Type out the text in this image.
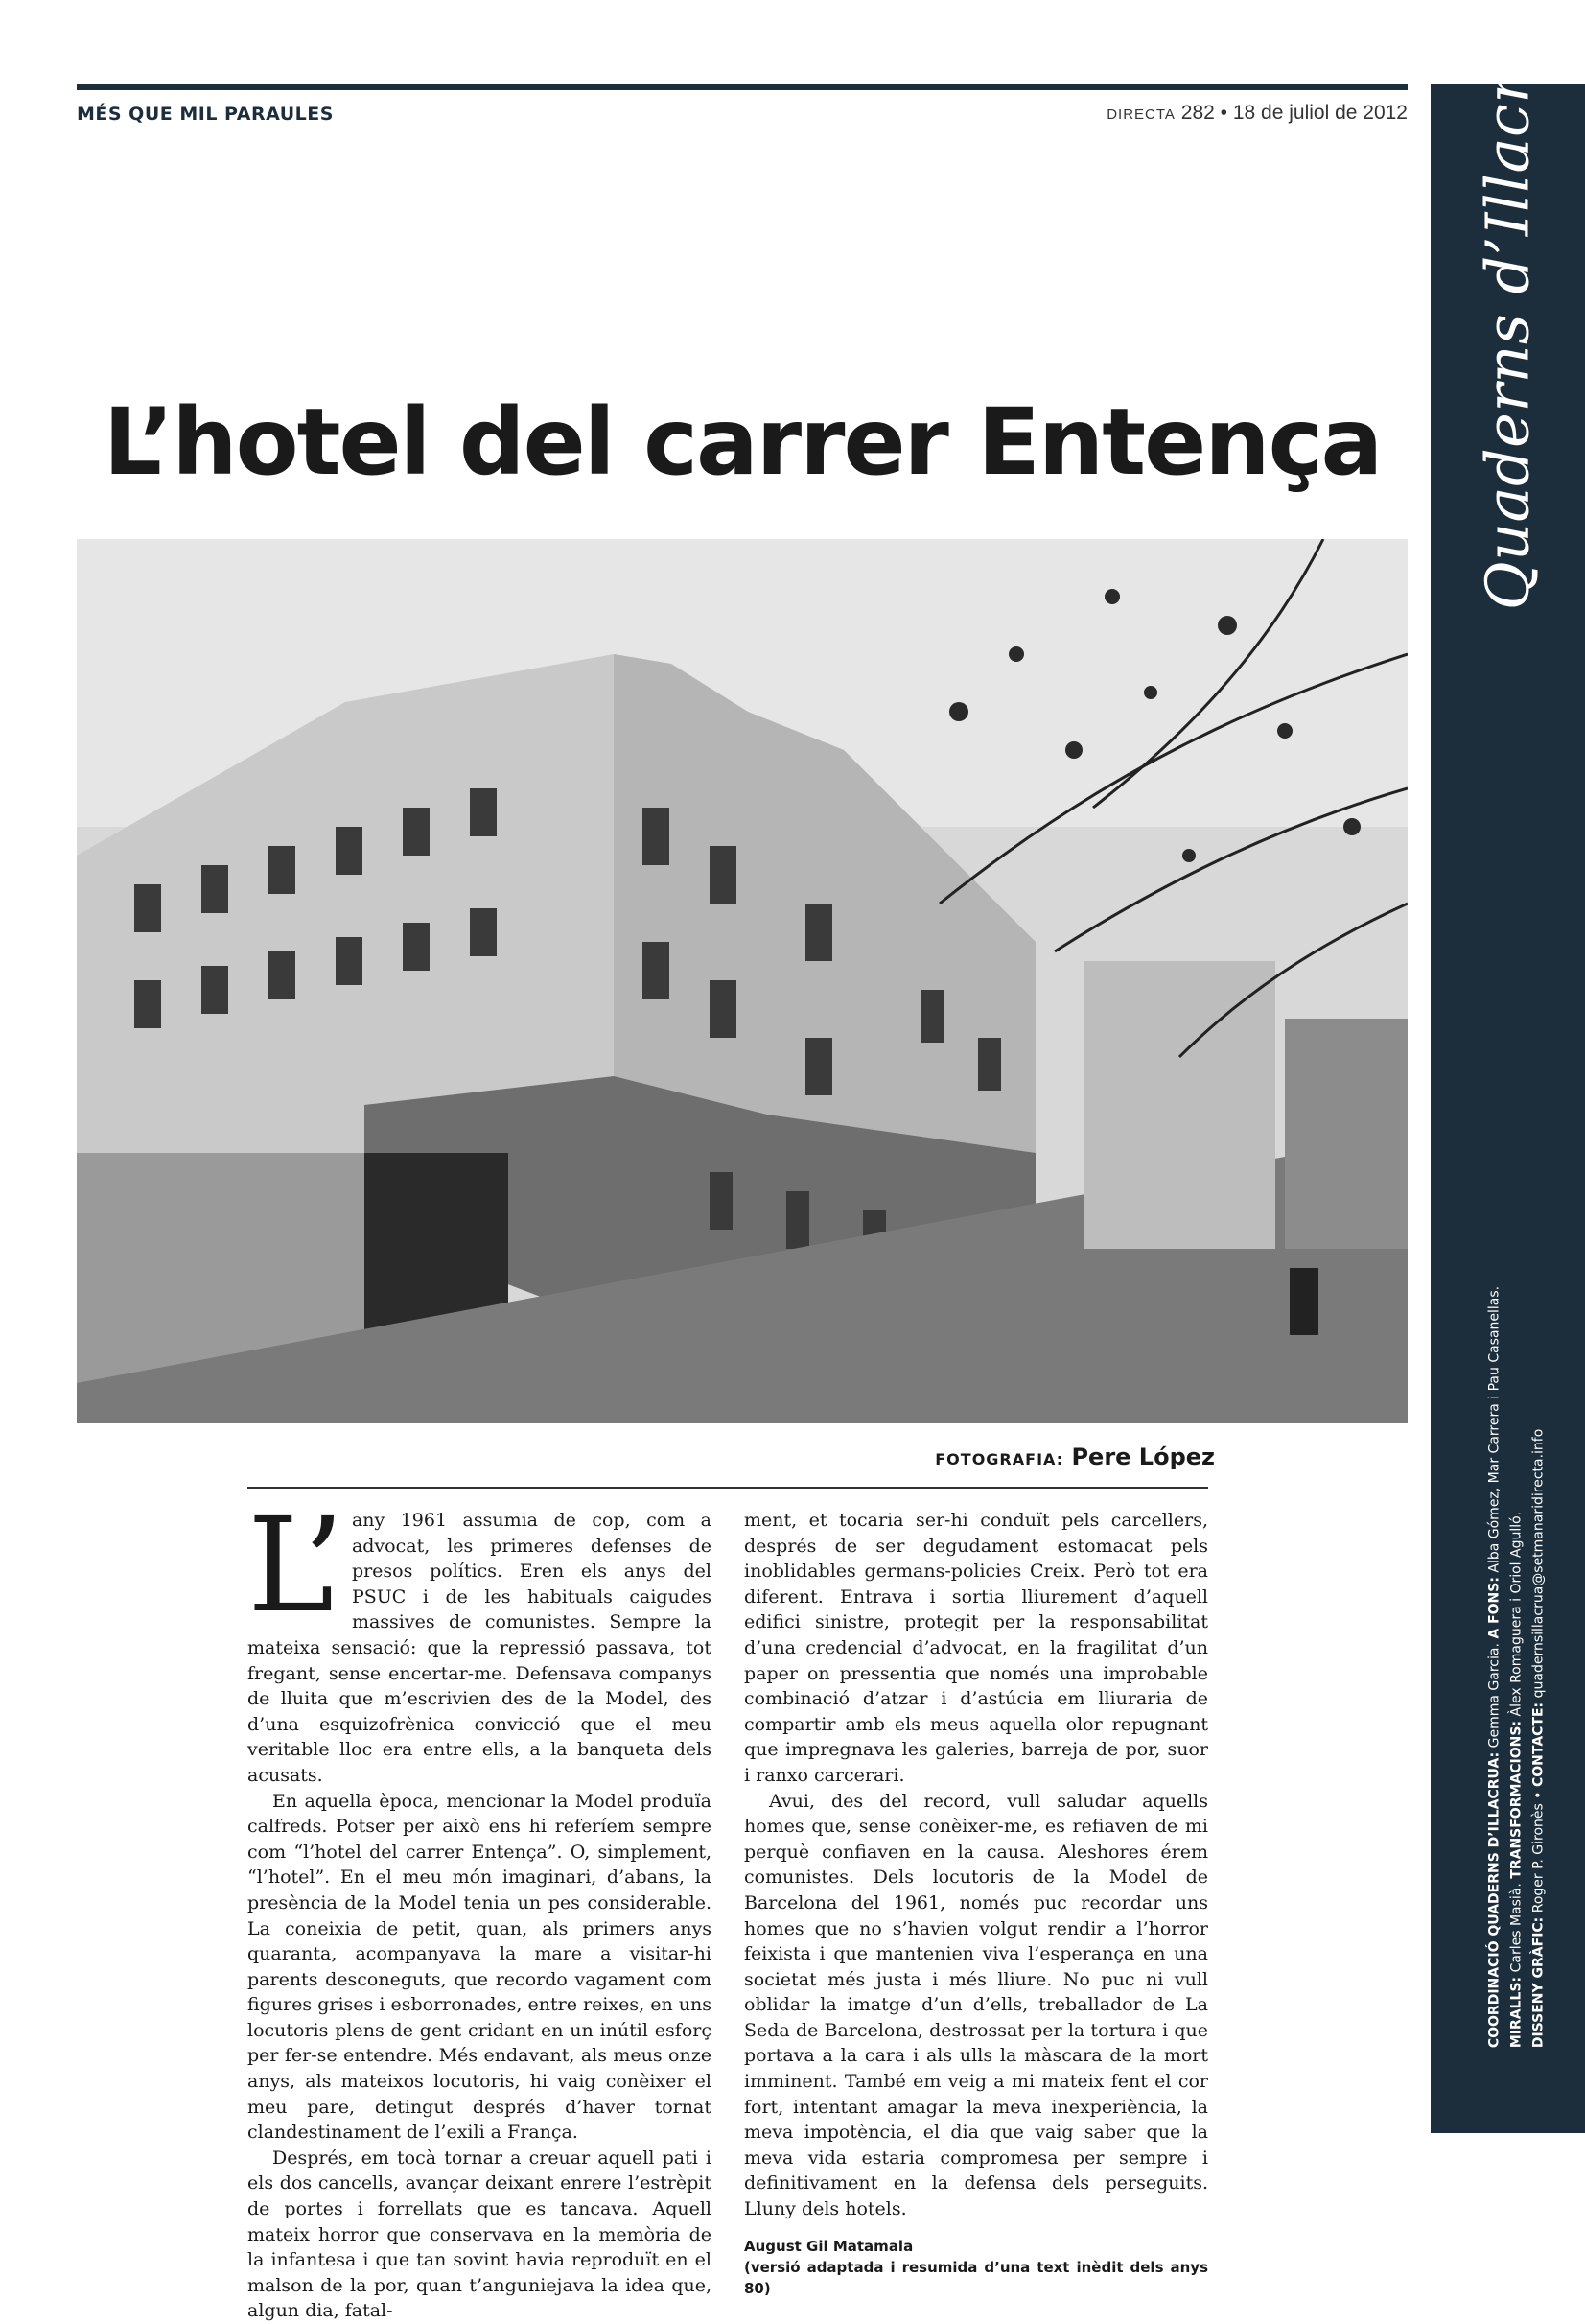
MÉS QUE MIL PARAULES	DIRECTA 282 • 18 de juliol de 2012
L’hotel del carrer Entença
FOTOGRAFIA: Pere López

L’ any 1961 assumia de cop, com a advocat, les primeres defenses de presos polítics. Eren els anys del PSUC i de les habituals caigudes massives de comunistes. Sempre la mateixa sensació: que la repressió passava, tot fregant, sense encertar-me. Defensava companys de lluita que m’escrivien des de la Model, des d’una esquizofrènica convicció que el meu veritable lloc era entre ells, a la banqueta dels acusats.

En aquella època, mencionar la Model produïa calfreds. Potser per això ens hi referíem sempre com “l’hotel del carrer Entença”. O, simplement, “l’hotel”. En el meu món imaginari, d’abans, la presència de la Model tenia un pes considerable. La coneixia de petit, quan, als primers anys quaranta, acompanyava la mare a visitar-hi parents desconeguts, que recordo vagament com figures grises i esborronades, entre reixes, en uns locutoris plens de gent cridant en un inútil esforç per fer-se entendre. Més endavant, als meus onze anys, als mateixos locutoris, hi vaig conèixer el meu pare, detingut després d’haver tornat clandestinament de l’exili a França.

Després, em tocà tornar a creuar aquell pati i els dos cancells, avançar deixant enrere l’estrèpit de portes i forrellats que es tancava. Aquell mateix horror que conservava en la memòria de la infantesa i que tan sovint havia reproduït en el malson de la por, quan t’anguniejava la idea que, algun dia, fatal-

ment, et tocaria ser-hi conduït pels carcellers, després de ser degudament estomacat pels inoblidables germans-policies Creix. Però tot era diferent. Entrava i sortia lliurement d’aquell edifici sinistre, protegit per la responsabilitat d’una credencial d’advocat, en la fragilitat d’un paper on pressentia que només una improbable combinació d’atzar i d’astúcia em lliuraria de compartir amb els meus aquella olor repugnant que impregnava les galeries, barreja de por, suor i ranxo carcerari.

Avui, des del record, vull saludar aquells homes que, sense conèixer-me, es refiaven de mi perquè confiaven en la causa. Aleshores érem comunistes. Dels locutoris de la Model de Barcelona del 1961, només puc recordar uns homes que no s’havien volgut rendir a l’horror feixista i que mantenien viva l’esperança en una societat més justa i més lliure. No puc ni vull oblidar la imatge d’un d’ells, treballador de La Seda de Barcelona, destrossat per la tortura i que portava a la cara i als ulls la màscara de la mort imminent. També em veig a mi mateix fent el cor fort, intentant amagar la meva inexperiència, la meva impotència, el dia que vaig saber que la meva vida estaria compromesa per sempre i definitivament en la defensa dels perseguits. Lluny dels hotels.

August Gil Matamala
(versió adaptada i resumida d’una text inèdit dels anys 80)
Quaderns d’Illacrua
COORDINACIÓ QUADERNS D’ILLACRUA: Gemma Garcia. A FONS: Alba Gómez, Mar Carrera i Pau Casanellas.
MIRALLS: Carles Masià. TRANSFORMACIONS: Àlex Romaguera i Oriol Agulló.
DISSENY GRÀFIC: Roger P. Gironès • CONTACTE: quadernsillacrua@setmanaridirecta.info
